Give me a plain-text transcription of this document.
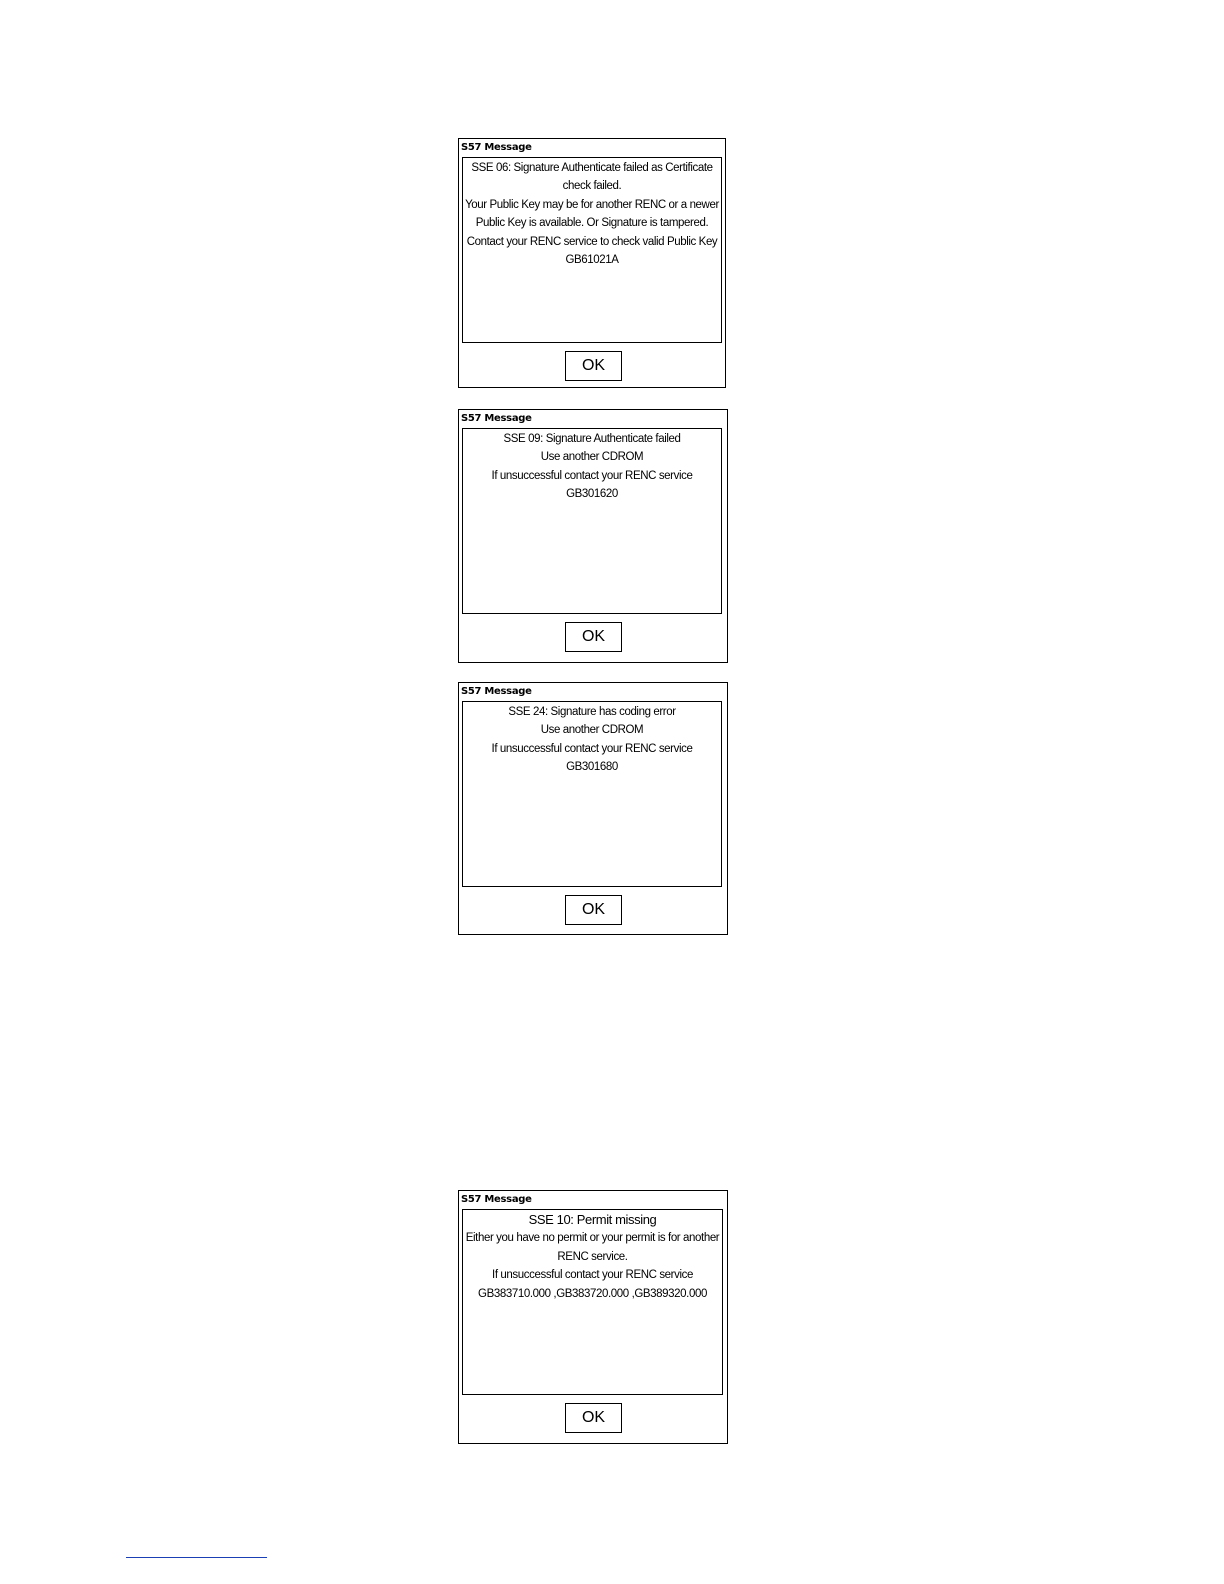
S57 Message
SSE 06: Signature Authenticate failed as Certificate
check failed.
Your Public Key may be for another RENC or a newer
Public Key is available. Or Signature is tampered.
Contact your RENC service to check valid Public Key
GB61021A
OK
S57 Message
SSE 09: Signature Authenticate failed
Use another CDROM
If unsuccessful contact your RENC service
GB301620
OK
S57 Message
SSE 24: Signature has coding error
Use another CDROM
If unsuccessful contact your RENC service
GB301680
OK
S57 Message
SSE 10: Permit missing
Either you have no permit or your permit is for another
RENC service.
If unsuccessful contact your RENC service
GB383710.000 ,GB383720.000 ,GB389320.000
OK
